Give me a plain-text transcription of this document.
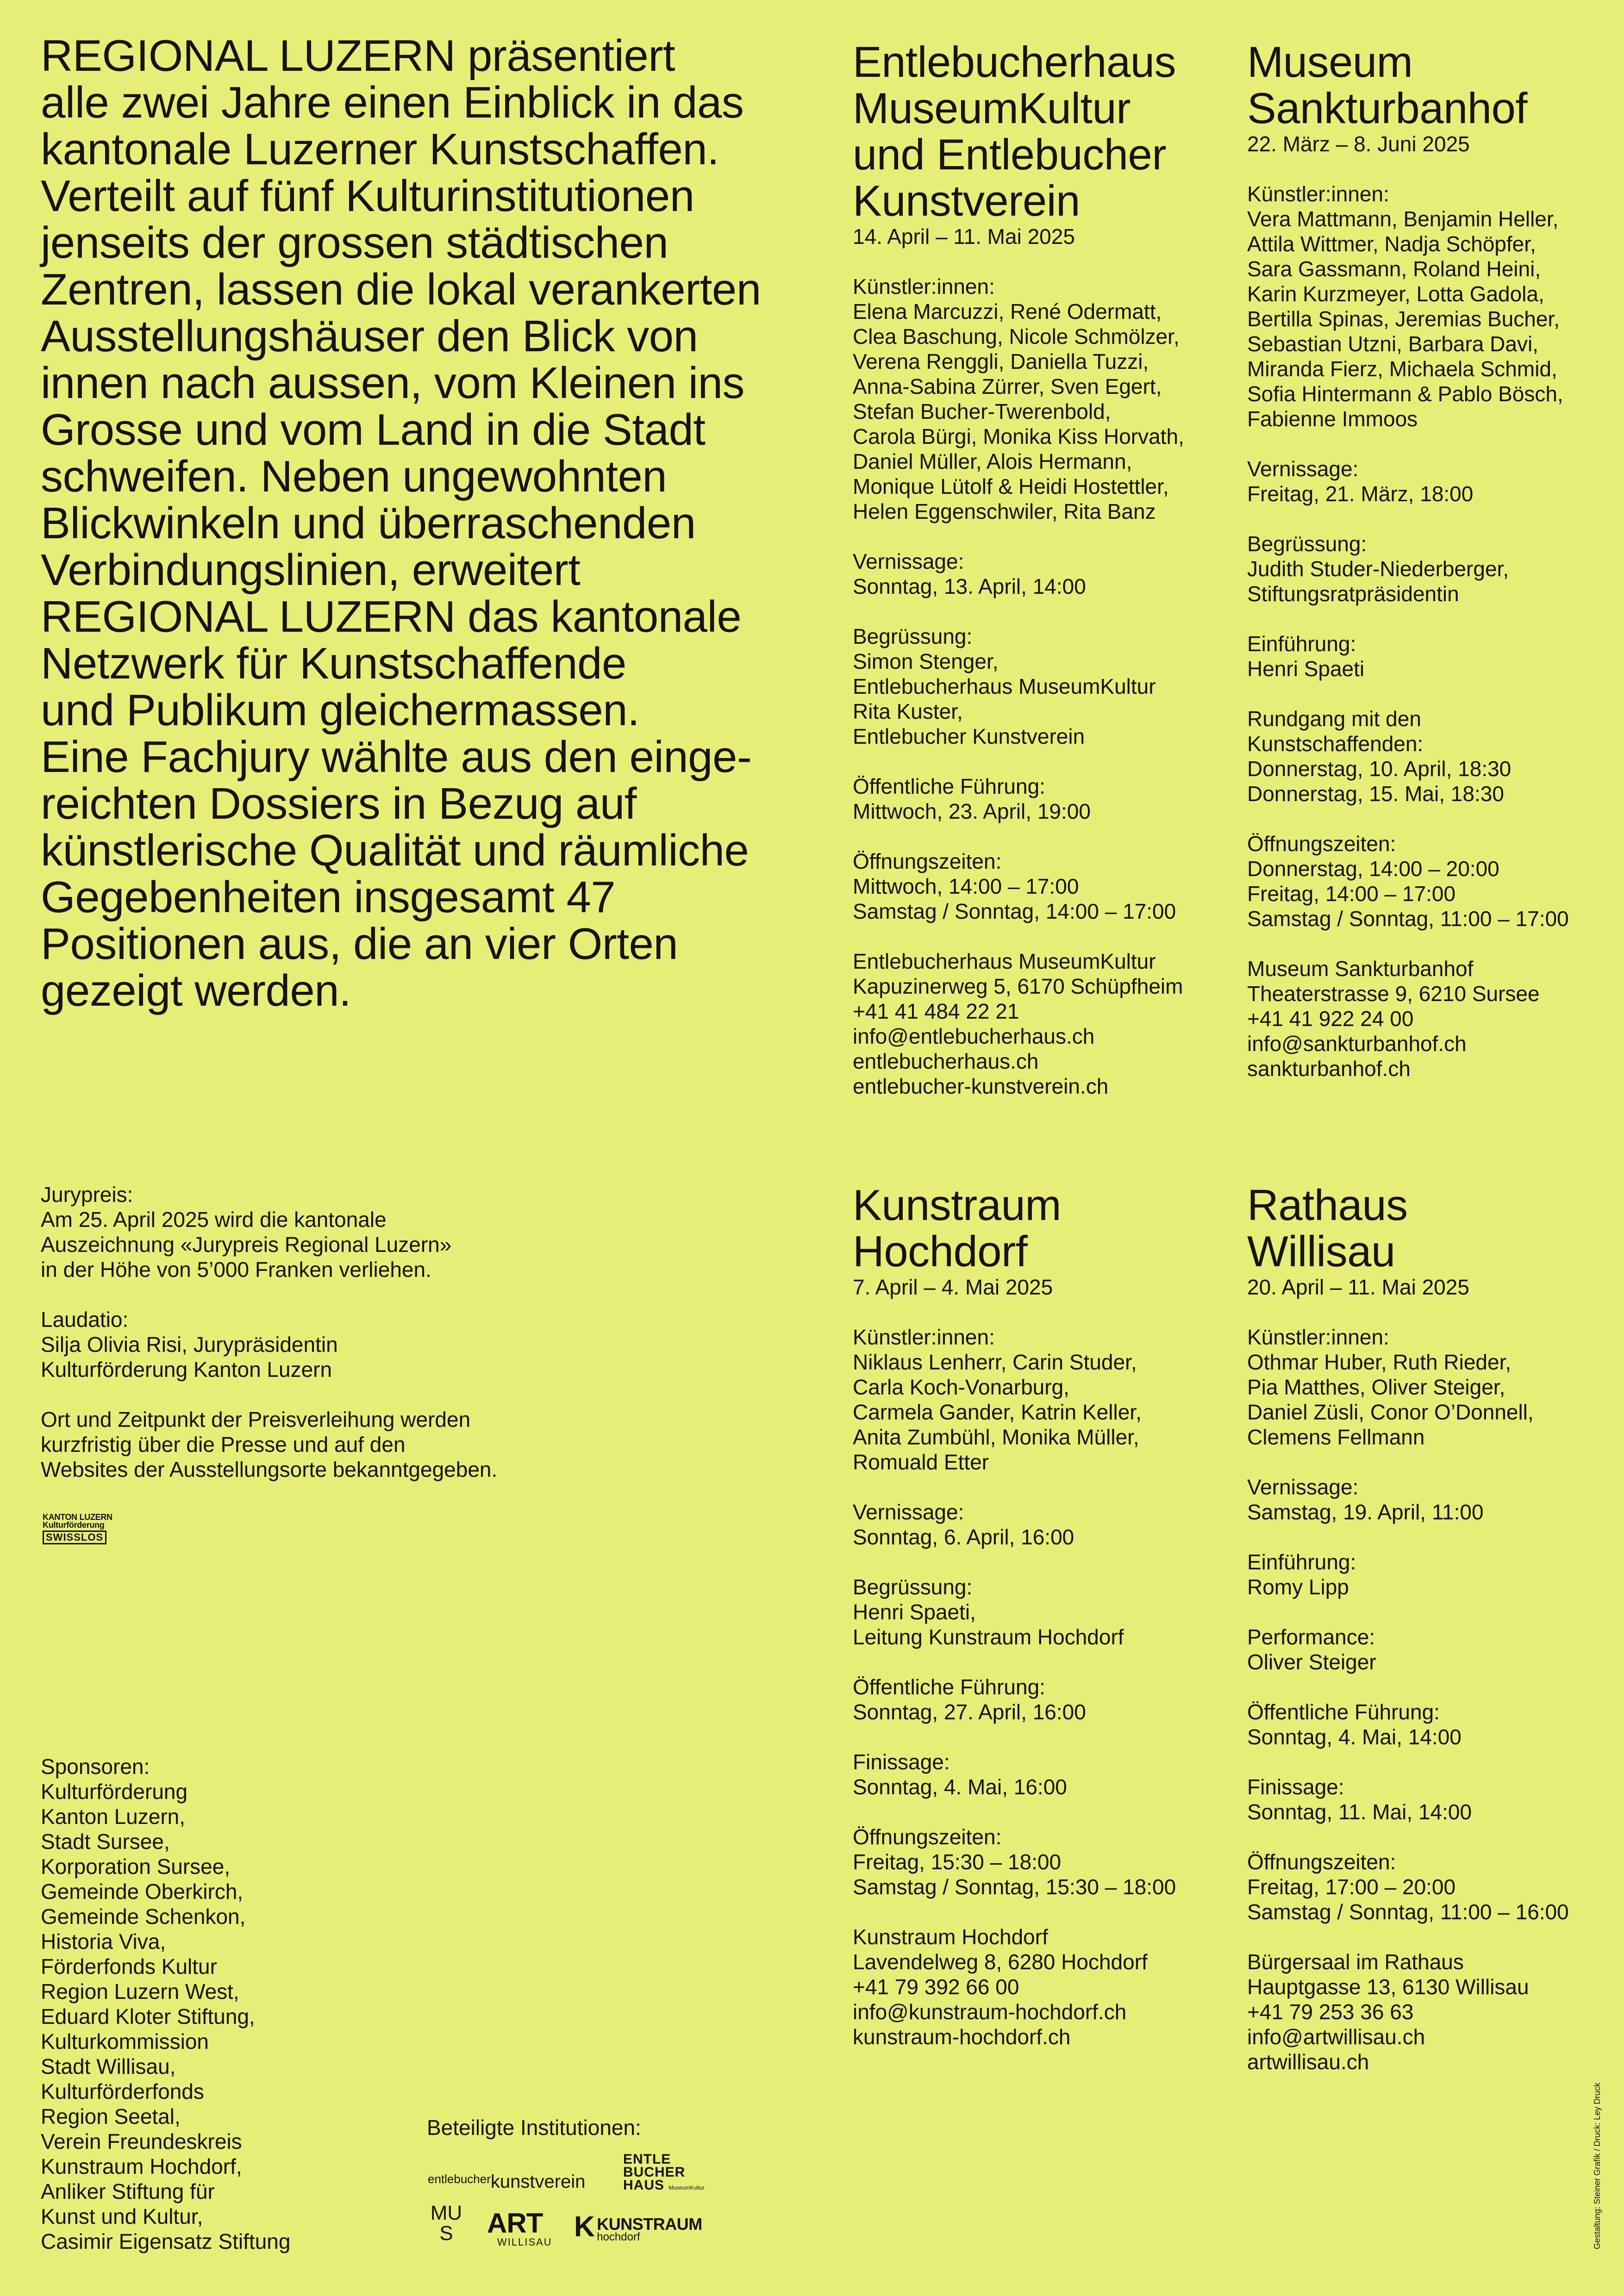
REGIONAL LUZERN präsentiert
alle zwei Jahre einen Einblick in das
kantonale Luzerner Kunstschaffen.
Verteilt auf fünf Kulturinstitutionen
jenseits der grossen städtischen
Zentren, lassen die lokal verankerten
Ausstellungshäuser den Blick von
innen nach aussen, vom Kleinen ins
Grosse und vom Land in die Stadt
schweifen. Neben ungewohnten
Blickwinkeln und überraschenden
Verbindungslinien, erweitert
REGIONAL LUZERN das kantonale
Netzwerk für Kunstschaffende
und Publikum gleichermassen.
Eine Fachjury wählte aus den einge-
reichten Dossiers in Bezug auf
künstlerische Qualität und räumliche
Gegebenheiten insgesamt 47
Positionen aus, die an vier Orten
gezeigt werden.

Entlebucherhaus
MuseumKultur
und Entlebucher
Kunstverein

14. April – 11. Mai 2025

Künstler:innen:
Elena Marcuzzi, René Odermatt,
Clea Baschung, Nicole Schmölzer,
Verena Renggli, Daniella Tuzzi,
Anna-Sabina Zürrer, Sven Egert,
Stefan Bucher-Twerenbold,
Carola Bürgi, Monika Kiss Horvath,
Daniel Müller, Alois Hermann,
Monique Lütolf & Heidi Hostettler,
Helen Eggenschwiler, Rita Banz

Vernissage:
Sonntag, 13. April, 14:00

Begrüssung:
Simon Stenger,
Entlebucherhaus MuseumKultur
Rita Kuster,
Entlebucher Kunstverein

Öffentliche Führung:
Mittwoch, 23. April, 19:00

Öffnungszeiten:
Mittwoch, 14:00 – 17:00
Samstag / Sonntag, 14:00 – 17:00

Entlebucherhaus MuseumKultur
Kapuzinerweg 5, 6170 Schüpfheim
+41 41 484 22 21
info@entlebucherhaus.ch
entlebucherhaus.ch
entlebucher-kunstverein.ch

Museum
Sankturbanhof

22. März – 8. Juni 2025

Künstler:innen:
Vera Mattmann, Benjamin Heller,
Attila Wittmer, Nadja Schöpfer,
Sara Gassmann, Roland Heini,
Karin Kurzmeyer, Lotta Gadola,
Bertilla Spinas, Jeremias Bucher,
Sebastian Utzni, Barbara Davi,
Miranda Fierz, Michaela Schmid,
Sofia Hintermann & Pablo Bösch,
Fabienne Immoos

Vernissage:
Freitag, 21. März, 18:00

Begrüssung:
Judith Studer-Niederberger,
Stiftungsratpräsidentin

Einführung:
Henri Spaeti

Rundgang mit den
Kunstschaffenden:
Donnerstag, 10. April, 18:30
Donnerstag, 15. Mai, 18:30

Öffnungszeiten:
Donnerstag, 14:00 – 20:00
Freitag, 14:00 – 17:00
Samstag / Sonntag, 11:00 – 17:00

Museum Sankturbanhof
Theaterstrasse 9, 6210 Sursee
+41 41 922 24 00
info@sankturbanhof.ch
sankturbanhof.ch

Kunstraum
Hochdorf

7. April – 4. Mai 2025

Künstler:innen:
Niklaus Lenherr, Carin Studer,
Carla Koch-Vonarburg,
Carmela Gander, Katrin Keller,
Anita Zumbühl, Monika Müller,
Romuald Etter

Vernissage:
Sonntag, 6. April, 16:00

Begrüssung:
Henri Spaeti,
Leitung Kunstraum Hochdorf

Öffentliche Führung:
Sonntag, 27. April, 16:00

Finissage:
Sonntag, 4. Mai, 16:00

Öffnungszeiten:
Freitag, 15:30 – 18:00
Samstag / Sonntag, 15:30 – 18:00

Kunstraum Hochdorf
Lavendelweg 8, 6280 Hochdorf
+41 79 392 66 00
info@kunstraum-hochdorf.ch
kunstraum-hochdorf.ch

Rathaus
Willisau

20. April – 11. Mai 2025

Künstler:innen:
Othmar Huber, Ruth Rieder,
Pia Matthes, Oliver Steiger,
Daniel Züsli, Conor O’Donnell,
Clemens Fellmann

Vernissage:
Samstag, 19. April, 11:00

Einführung:
Romy Lipp

Performance:
Oliver Steiger

Öffentliche Führung:
Sonntag, 4. Mai, 14:00

Finissage:
Sonntag, 11. Mai, 14:00

Öffnungszeiten:
Freitag, 17:00 – 20:00
Samstag / Sonntag, 11:00 – 16:00

Bürgersaal im Rathaus
Hauptgasse 13, 6130 Willisau
+41 79 253 36 63
info@artwillisau.ch
artwillisau.ch

Jurypreis:
Am 25. April 2025 wird die kantonale
Auszeichnung «Jurypreis Regional Luzern»
in der Höhe von 5’000 Franken verliehen.

Laudatio:
Silja Olivia Risi, Jurypräsidentin
Kulturförderung Kanton Luzern

Ort und Zeitpunkt der Preisverleihung werden
kurzfristig über die Presse und auf den
Websites der Ausstellungsorte bekanntgegeben.

KANTON LUZERN
Kulturförderung
SWISSLOS
Sponsoren:
Kulturförderung
Kanton Luzern,
Stadt Sursee,
Korporation Sursee,
Gemeinde Oberkirch,
Gemeinde Schenkon,
Historia Viva,
Förderfonds Kultur
Region Luzern West,
Eduard Kloter Stiftung,
Kulturkommission
Stadt Willisau,
Kulturförderfonds
Region Seetal,
Verein Freundeskreis
Kunstraum Hochdorf,
Anliker Stiftung für
Kunst und Kultur,
Casimir Eigensatz Stiftung
Beteiligte Institutionen:
$^{entlebucher}$kunstverein
ENTLE
BUCHER
HAUS MuseumKultur
MU
S	ART
WILLISAU K KUNSTRAUM
hochdorf	Gestaltung: Steiner Grafik / Druck: Ley Druck
